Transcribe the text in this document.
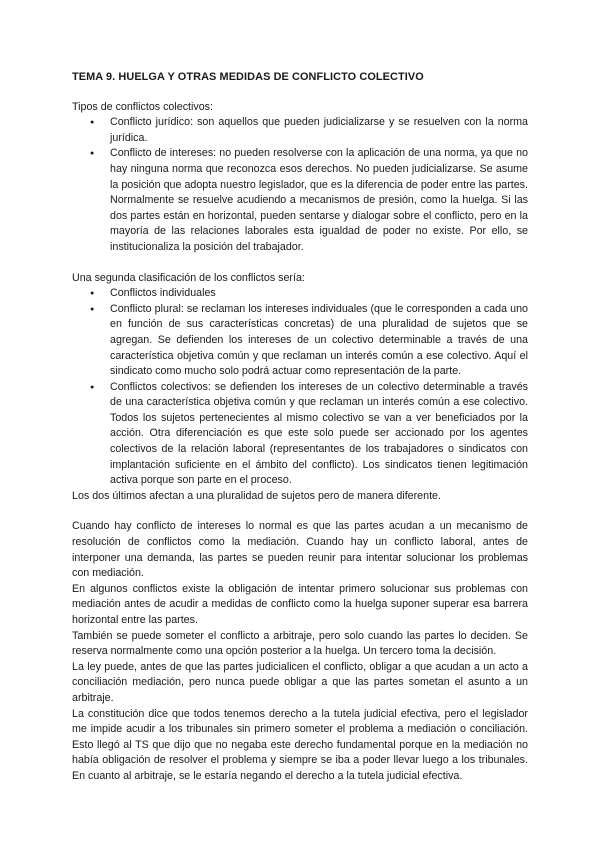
TEMA 9. HUELGA Y OTRAS MEDIDAS DE CONFLICTO COLECTIVO

Tipos de conflictos colectivos:

● Conflicto jurídico: son aquellos que pueden judicializarse y se resuelven con la norma jurídica.
● Conflicto de intereses: no pueden resolverse con la aplicación de una norma, ya que no hay ninguna norma que reconozca esos derechos. No pueden judicializarse. Se asume la posición que adopta nuestro legislador, que es la diferencia de poder entre las partes. Normalmente se resuelve acudiendo a mecanismos de presión, como la huelga. Si las dos partes están en horizontal, pueden sentarse y dialogar sobre el conflicto, pero en la mayoría de las relaciones laborales esta igualdad de poder no existe. Por ello, se institucionaliza la posición del trabajador.

Una segunda clasificación de los conflictos sería:

● Conflictos individuales
● Conflicto plural: se reclaman los intereses individuales (que le corresponden a cada uno en función de sus características concretas) de una pluralidad de sujetos que se agregan. Se defienden los intereses de un colectivo determinable a través de una característica objetiva común y que reclaman un interés común a ese colectivo. Aquí el sindicato como mucho solo podrá actuar como representación de la parte.
● Conflictos colectivos: se defienden los intereses de un colectivo determinable a través de una característica objetiva común y que reclaman un interés común a ese colectivo. Todos los sujetos pertenecientes al mismo colectivo se van a ver beneficiados por la acción. Otra diferenciación es que este solo puede ser accionado por los agentes colectivos de la relación laboral (representantes de los trabajadores o sindicatos con implantación suficiente en el ámbito del conflicto). Los sindicatos tienen legitimación activa porque son parte en el proceso.

Los dos últimos afectan a una pluralidad de sujetos pero de manera diferente.

Cuando hay conflicto de intereses lo normal es que las partes acudan a un mecanismo de resolución de conflictos como la mediación. Cuando hay un conflicto laboral, antes de interponer una demanda, las partes se pueden reunir para intentar solucionar los problemas con mediación.

En algunos conflictos existe la obligación de intentar primero solucionar sus problemas con mediación antes de acudir a medidas de conflicto como la huelga suponer superar esa barrera horizontal entre las partes.

También se puede someter el conflicto a arbitraje, pero solo cuando las partes lo deciden. Se reserva normalmente como una opción posterior a la huelga. Un tercero toma la decisión.

La ley puede, antes de que las partes judicialicen el conflicto, obligar a que acudan a un acto a conciliación mediación, pero nunca puede obligar a que las partes sometan el asunto a un arbitraje.

La constitución dice que todos tenemos derecho a la tutela judicial efectiva, pero el legislador me impide acudir a los tribunales sin primero someter el problema a mediación o conciliación. Esto llegó al TS que dijo que no negaba este derecho fundamental porque en la mediación no había obligación de resolver el problema y siempre se iba a poder llevar luego a los tribunales. En cuanto al arbitraje, se le estaría negando el derecho a la tutela judicial efectiva.
